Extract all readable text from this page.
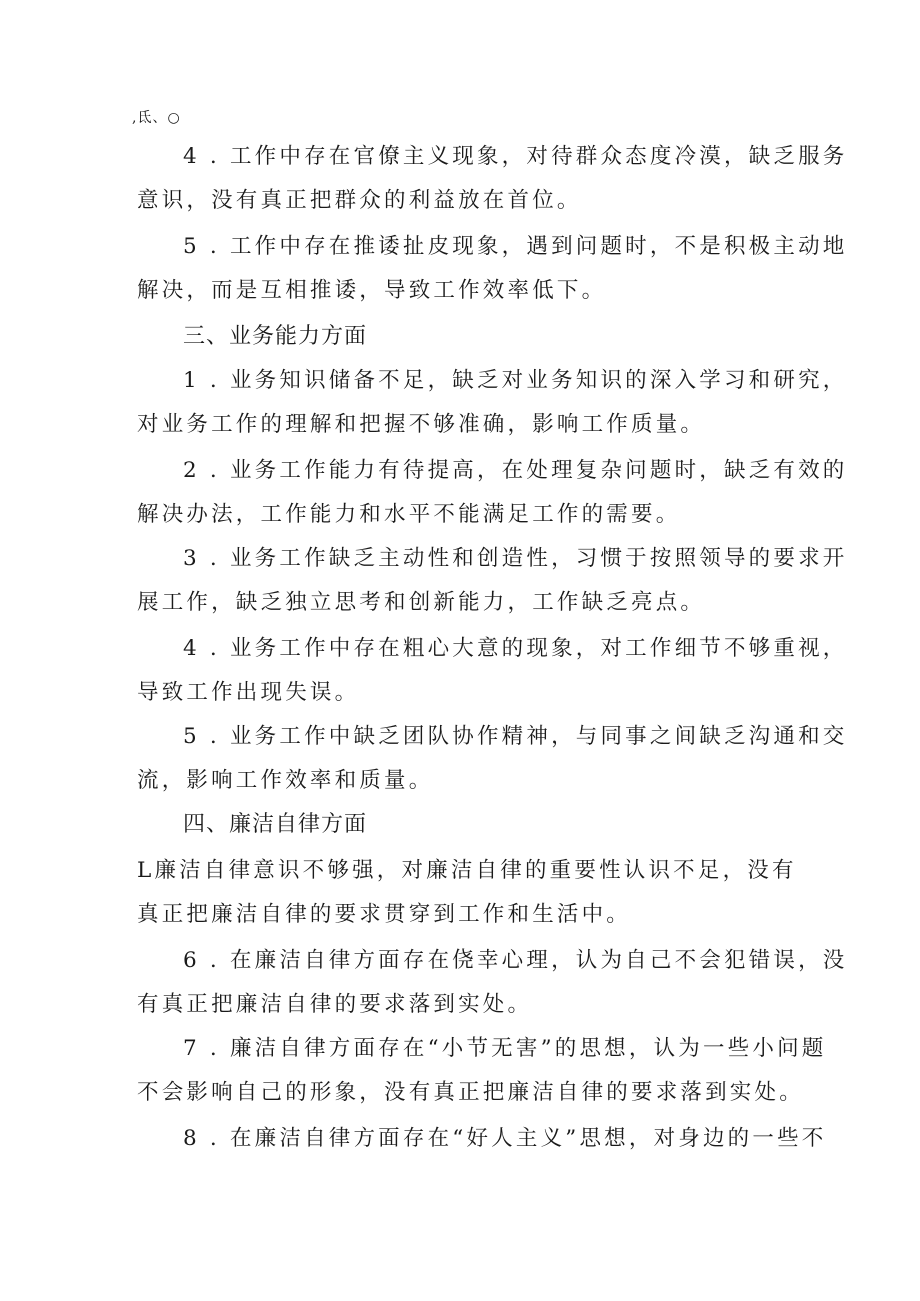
,氐、○
4 . 工作中存在官僚主义现象，对待群众态度冷漠，缺乏服务
意识，没有真正把群众的利益放在首位。
5 . 工作中存在推诿扯皮现象，遇到问题时，不是积极主动地
解决，而是互相推诿，导致工作效率低下。
三、业务能力方面
1 . 业务知识储备不足，缺乏对业务知识的深入学习和研究，
对业务工作的理解和把握不够准确，影响工作质量。
2 . 业务工作能力有待提高，在处理复杂问题时，缺乏有效的
解决办法，工作能力和水平不能满足工作的需要。
3 . 业务工作缺乏主动性和创造性，习惯于按照领导的要求开
展工作，缺乏独立思考和创新能力，工作缺乏亮点。
4 . 业务工作中存在粗心大意的现象，对工作细节不够重视，
导致工作出现失误。
5 . 业务工作中缺乏团队协作精神，与同事之间缺乏沟通和交
流，影响工作效率和质量。
四、廉洁自律方面
L廉洁自律意识不够强，对廉洁自律的重要性认识不足，没有
真正把廉洁自律的要求贯穿到工作和生活中。
6 . 在廉洁自律方面存在侥幸心理，认为自己不会犯错误，没
有真正把廉洁自律的要求落到实处。
7 . 廉洁自律方面存在“小节无害”的思想，认为一些小问题
不会影响自己的形象，没有真正把廉洁自律的要求落到实处。
8 . 在廉洁自律方面存在“好人主义”思想，对身边的一些不
